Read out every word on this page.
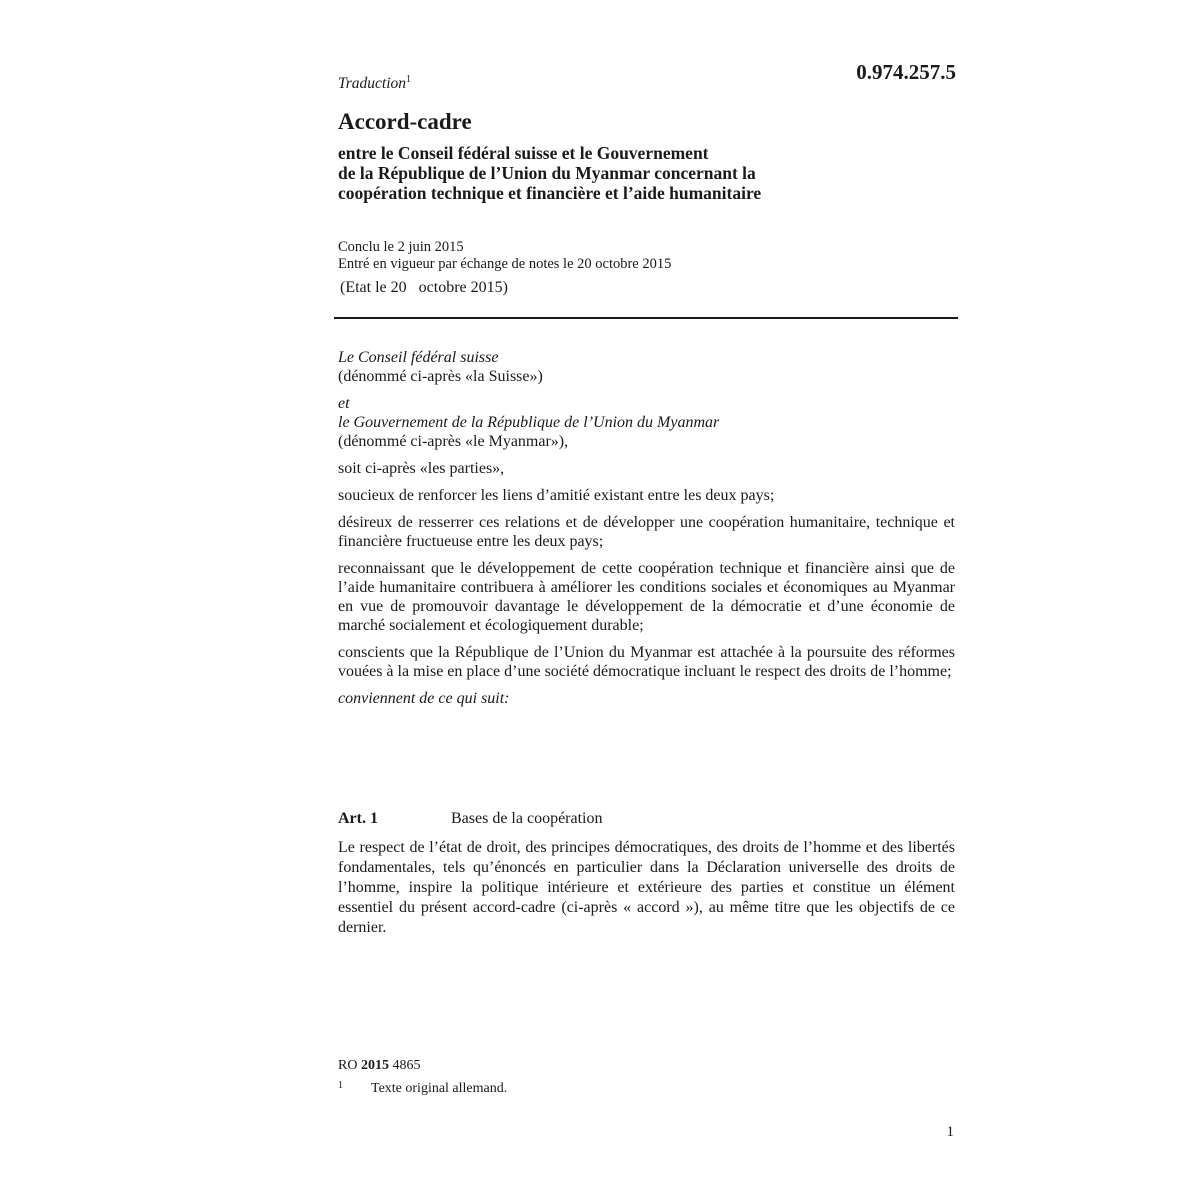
0.974.257.5
Traduction$^1$
Accord-cadre
entre le Conseil fédéral suisse et le Gouvernement
de la République de l’Union du Myanmar concernant la
coopération technique et financière et l’aide humanitaire
Conclu le 2 juin 2015
Entré en vigueur par échange de notes le 20 octobre 2015
(Etat le 20   octobre 2015)
Le Conseil fédéral suisse
(dénommé ci-après «la Suisse»)
et
le Gouvernement de la République de l’Union du Myanmar
(dénommé ci-après «le Myanmar»),
soit ci-après «les parties»,

soucieux de renforcer les liens d’amitié existant entre les deux pays;

désireux de resserrer ces relations et de développer une coopération humanitaire, technique et financière fructueuse entre les deux pays;

reconnaissant que le développement de cette coopération technique et financière ainsi que de l’aide humanitaire contribuera à améliorer les conditions sociales et économiques au Myanmar en vue de promouvoir davantage le développement de la démocratie et d’une économie de marché socialement et écologiquement durable;

conscients que la République de l’Union du Myanmar est attachée à la poursuite des réformes vouées à la mise en place d’une société démocratique incluant le respect des droits de l’homme;

conviennent de ce qui suit:
Art. 1	Bases de la coopération

Le respect de l’état de droit, des principes démocratiques, des droits de l’homme et des libertés fondamentales, tels qu’énoncés en particulier dans la Déclaration universelle des droits de l’homme, inspire la politique intérieure et extérieure des parties et constitue un élément essentiel du présent accord-cadre (ci-après « accord »), au même titre que les objectifs de ce dernier.

RO 2015 4865
1 Texte original allemand.
1
